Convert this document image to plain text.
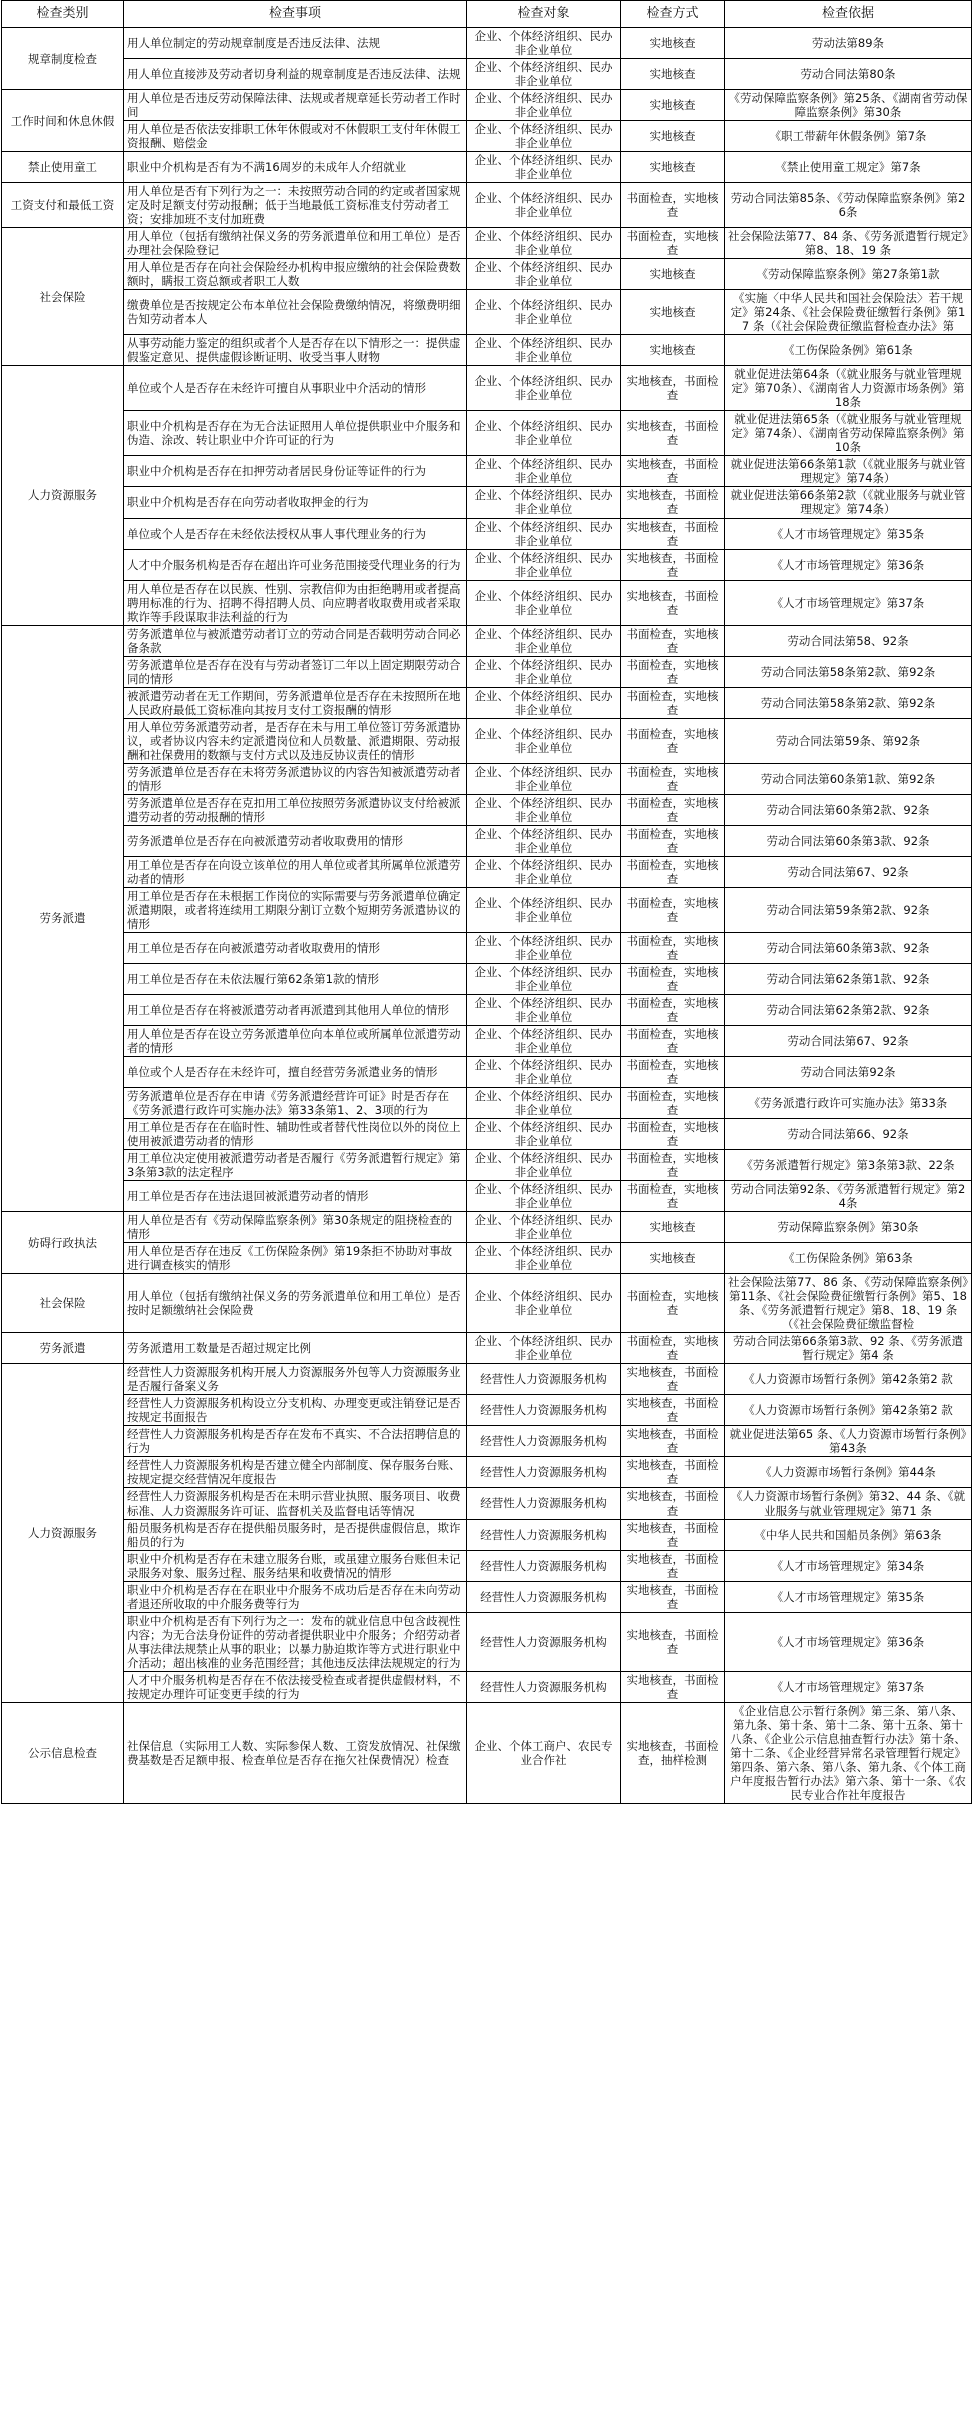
检查类别	检查事项	检查对象	检查方式	检查依据
规章制度检查	用人单位制定的劳动规章制度是否违反法律、法规	企业、个体经济组织、民办非企业单位	实地核查	劳动法第89条
	用人单位直接涉及劳动者切身利益的规章制度是否违反法律、法规	企业、个体经济组织、民办非企业单位	实地核查	劳动合同法第80条
工作时间和休息休假	用人单位是否违反劳动保障法律、法规或者规章延长劳动者工作时间	企业、个体经济组织、民办非企业单位	实地核查	《劳动保障监察条例》第25条、《湖南省劳动保障监察条例》第30条
	用人单位是否依法安排职工休年休假或对不休假职工支付年休假工资报酬、赔偿金	企业、个体经济组织、民办非企业单位	实地核查	《职工带薪年休假条例》第7条
禁止使用童工	职业中介机构是否有为不满16周岁的未成年人介绍就业	企业、个体经济组织、民办非企业单位	实地核查	《禁止使用童工规定》第7条
工资支付和最低工资	用人单位是否有下列行为之一：未按照劳动合同的约定或者国家规定及时足额支付劳动报酬；低于当地最低工资标准支付劳动者工资；安排加班不支付加班费	企业、个体经济组织、民办非企业单位	书面检查，实地核查	劳动合同法第85条、《劳动保障监察条例》第26条
社会保险	用人单位（包括有缴纳社保义务的劳务派遣单位和用工单位）是否办理社会保险登记	企业、个体经济组织、民办非企业单位	书面检查，实地核查	社会保险法第77、84 条、《劳务派遣暂行规定》第8、18、19 条
	用人单位是否存在向社会保险经办机构申报应缴纳的社会保险费数额时，瞒报工资总额或者职工人数	企业、个体经济组织、民办非企业单位	实地核查	《劳动保障监察条例》第27条第1款
	缴费单位是否按规定公布本单位社会保险费缴纳情况，将缴费明细告知劳动者本人	企业、个体经济组织、民办非企业单位	实地核查	《实施〈中华人民共和国社会保险法〉若干规定》第24条、《社会保险费征缴暂行条例》第17 条（《社会保险费征缴监督检查办法》第
	从事劳动能力鉴定的组织或者个人是否存在以下情形之一：提供虚假鉴定意见、提供虚假诊断证明、收受当事人财物	企业、个体经济组织、民办非企业单位	实地核查	《工伤保险条例》第61条
人力资源服务	单位或个人是否存在未经许可擅自从事职业中介活动的情形	企业、个体经济组织、民办非企业单位	实地核查，书面检查	就业促进法第64条（《就业服务与就业管理规定》第70条）、《湖南省人力资源市场条例》第18条
	职业中介机构是否存在为无合法证照用人单位提供职业中介服务和伪造、涂改、转让职业中介许可证的行为	企业、个体经济组织、民办非企业单位	实地核查，书面检查	就业促进法第65条（《就业服务与就业管理规定》第74条）、《湖南省劳动保障监察条例》第10条
	职业中介机构是否存在扣押劳动者居民身份证等证件的行为	企业、个体经济组织、民办非企业单位	实地核查，书面检查	就业促进法第66条第1款（《就业服务与就业管理规定》第74条）
	职业中介机构是否存在向劳动者收取押金的行为	企业、个体经济组织、民办非企业单位	实地核查，书面检查	就业促进法第66条第2款（《就业服务与就业管理规定》第74条）
	单位或个人是否存在未经依法授权从事人事代理业务的行为	企业、个体经济组织、民办非企业单位	实地核查，书面检查	《人才市场管理规定》第35条
	人才中介服务机构是否存在超出许可业务范围接受代理业务的行为	企业、个体经济组织、民办非企业单位	实地核查，书面检查	《人才市场管理规定》第36条
	用人单位是否存在以民族、性别、宗教信仰为由拒绝聘用或者提高聘用标准的行为、招聘不得招聘人员、向应聘者收取费用或者采取欺诈等手段谋取非法利益的行为	企业、个体经济组织、民办非企业单位	实地核查，书面检查	《人才市场管理规定》第37条
劳务派遣	劳务派遣单位与被派遣劳动者订立的劳动合同是否载明劳动合同必备条款	企业、个体经济组织、民办非企业单位	书面检查，实地核查	劳动合同法第58、92条
	劳务派遣单位是否存在没有与劳动者签订二年以上固定期限劳动合同的情形	企业、个体经济组织、民办非企业单位	书面检查，实地核查	劳动合同法第58条第2款、第92条
	被派遣劳动者在无工作期间，劳务派遣单位是否存在未按照所在地人民政府最低工资标准向其按月支付工资报酬的情形	企业、个体经济组织、民办非企业单位	书面检查，实地核查	劳动合同法第58条第2款、第92条
	用人单位劳务派遣劳动者，是否存在未与用工单位签订劳务派遣协议，或者协议内容未约定派遣岗位和人员数量、派遣期限、劳动报酬和社保费用的数额与支付方式以及违反协议责任的情形	企业、个体经济组织、民办非企业单位	书面检查，实地核查	劳动合同法第59条、第92条
	劳务派遣单位是否存在未将劳务派遣协议的内容告知被派遣劳动者的情形	企业、个体经济组织、民办非企业单位	书面检查，实地核查	劳动合同法第60条第1款、第92条
	劳务派遣单位是否存在克扣用工单位按照劳务派遣协议支付给被派遣劳动者的劳动报酬的情形	企业、个体经济组织、民办非企业单位	书面检查，实地核查	劳动合同法第60条第2款、92条
	劳务派遣单位是否存在向被派遣劳动者收取费用的情形	企业、个体经济组织、民办非企业单位	书面检查，实地核查	劳动合同法第60条第3款、92条
	用工单位是否存在向设立该单位的用人单位或者其所属单位派遣劳动者的情形	企业、个体经济组织、民办非企业单位	书面检查，实地核查	劳动合同法第67、92条
	用工单位是否存在未根据工作岗位的实际需要与劳务派遣单位确定派遣期限，或者将连续用工期限分割订立数个短期劳务派遣协议的情形	企业、个体经济组织、民办非企业单位	书面检查，实地核查	劳动合同法第59条第2款、92条
	用工单位是否存在向被派遣劳动者收取费用的情形	企业、个体经济组织、民办非企业单位	书面检查，实地核查	劳动合同法第60条第3款、92条
	用工单位是否存在未依法履行第62条第1款的情形	企业、个体经济组织、民办非企业单位	书面检查，实地核查	劳动合同法第62条第1款、92条
	用工单位是否存在将被派遣劳动者再派遣到其他用人单位的情形	企业、个体经济组织、民办非企业单位	书面检查，实地核查	劳动合同法第62条第2款、92条
	用人单位是否存在设立劳务派遣单位向本单位或所属单位派遣劳动者的情形	企业、个体经济组织、民办非企业单位	书面检查，实地核查	劳动合同法第67、92条
	单位或个人是否存在未经许可，擅自经营劳务派遣业务的情形	企业、个体经济组织、民办非企业单位	书面检查，实地核查	劳动合同法第92条
	劳务派遣单位是否存在申请《劳务派遣经营许可证》时是否存在《劳务派遣行政许可实施办法》第33条第1、2、3项的行为	企业、个体经济组织、民办非企业单位	书面检查，实地核查	《劳务派遣行政许可实施办法》第33条
	用工单位是否存在在临时性、辅助性或者替代性岗位以外的岗位上使用被派遣劳动者的情形	企业、个体经济组织、民办非企业单位	书面检查，实地核查	劳动合同法第66、92条
	用工单位决定使用被派遣劳动者是否履行《劳务派遣暂行规定》第3条第3款的法定程序	企业、个体经济组织、民办非企业单位	书面检查，实地核查	《劳务派遣暂行规定》第3条第3款、22条
	用工单位是否存在违法退回被派遣劳动者的情形	企业、个体经济组织、民办非企业单位	书面检查，实地核查	劳动合同法第92条、《劳务派遣暂行规定》第24条
妨碍行政执法	用人单位是否有《劳动保障监察条例》第30条规定的阻挠检查的情形	企业、个体经济组织、民办非企业单位	实地核查	劳动保障监察条例》第30条
	用人单位是否存在违反《工伤保险条例》第19条拒不协助对事故进行调查核实的情形	企业、个体经济组织、民办非企业单位	实地核查	《工伤保险条例》第63条
社会保险	用人单位（包括有缴纳社保义务的劳务派遣单位和用工单位）是否按时足额缴纳社会保险费	企业、个体经济组织、民办非企业单位	书面检查，实地核查	社会保险法第77、86 条、《劳动保障监察条例》第11条、《社会保险费征缴暂行条例》第5、18 条、《劳务派遣暂行规定》第8、18、19 条（《社会保险费征缴监督检
劳务派遣	劳务派遣用工数量是否超过规定比例	企业、个体经济组织、民办非企业单位	书面检查，实地核查	劳动合同法第66条第3款、92 条、《劳务派遣暂行规定》第4 条
人力资源服务	经营性人力资源服务机构开展人力资源服务外包等人力资源服务业是否履行备案义务	经营性人力资源服务机构	实地核查，书面检查	《人力资源市场暂行条例》第42条第2 款
	经营性人力资源服务机构设立分支机构、办理变更或注销登记是否按规定书面报告	经营性人力资源服务机构	实地核查，书面检查	《人力资源市场暂行条例》第42条第2 款
	经营性人力资源服务机构是否存在发布不真实、不合法招聘信息的行为	经营性人力资源服务机构	实地核查，书面检查	就业促进法第65 条、《人力资源市场暂行条例》第43条
	经营性人力资源服务机构是否建立健全内部制度、保存服务台账、按规定提交经营情况年度报告	经营性人力资源服务机构	实地核查，书面检查	《人力资源市场暂行条例》第44条
	经营性人力资源服务机构是否在未明示营业执照、服务项目、收费标准、人力资源服务许可证、监督机关及监督电话等情况	经营性人力资源服务机构	实地核查，书面检查	《人力资源市场暂行条例》第32、44 条、《就业服务与就业管理规定》第71 条
	船员服务机构是否存在提供船员服务时，是否提供虚假信息，欺诈船员的行为	经营性人力资源服务机构	实地核查，书面检查	《中华人民共和国船员条例》第63条
	职业中介机构是否存在未建立服务台账，或虽建立服务台账但未记录服务对象、服务过程、服务结果和收费情况的情形	经营性人力资源服务机构	实地核查，书面检查	《人才市场管理规定》第34条
	职业中介机构是否存在在职业中介服务不成功后是否存在未向劳动者退还所收取的中介服务费等行为	经营性人力资源服务机构	实地核查，书面检查	《人才市场管理规定》第35条
	职业中介机构是否有下列行为之一：发布的就业信息中包含歧视性内容；为无合法身份证件的劳动者提供职业中介服务；介绍劳动者从事法律法规禁止从事的职业；以暴力胁迫欺诈等方式进行职业中介活动；超出核准的业务范围经营；其他违反法律法规规定的行为	经营性人力资源服务机构	实地核查，书面检查	《人才市场管理规定》第36条
	人才中介服务机构是否存在不依法接受检查或者提供虚假材料，不按规定办理许可证变更手续的行为	经营性人力资源服务机构	实地核查，书面检查	《人才市场管理规定》第37条
公示信息检查	社保信息（实际用工人数、实际参保人数、工资发放情况、社保缴费基数是否足额申报、检查单位是否存在拖欠社保费情况）检查	企业、个体工商户、农民专业合作社	实地核查，书面检查，抽样检测	《企业信息公示暂行条例》第三条、第八条、第九条、第十条、第十二条、第十五条、第十八条、《企业公示信息抽查暂行办法》第十条、第十二条、《企业经营异常名录管理暂行规定》第四条、第六条、第八条、第九条、《个体工商户年度报告暂行办法》第六条、第十一条、《农民专业合作社年度报告
